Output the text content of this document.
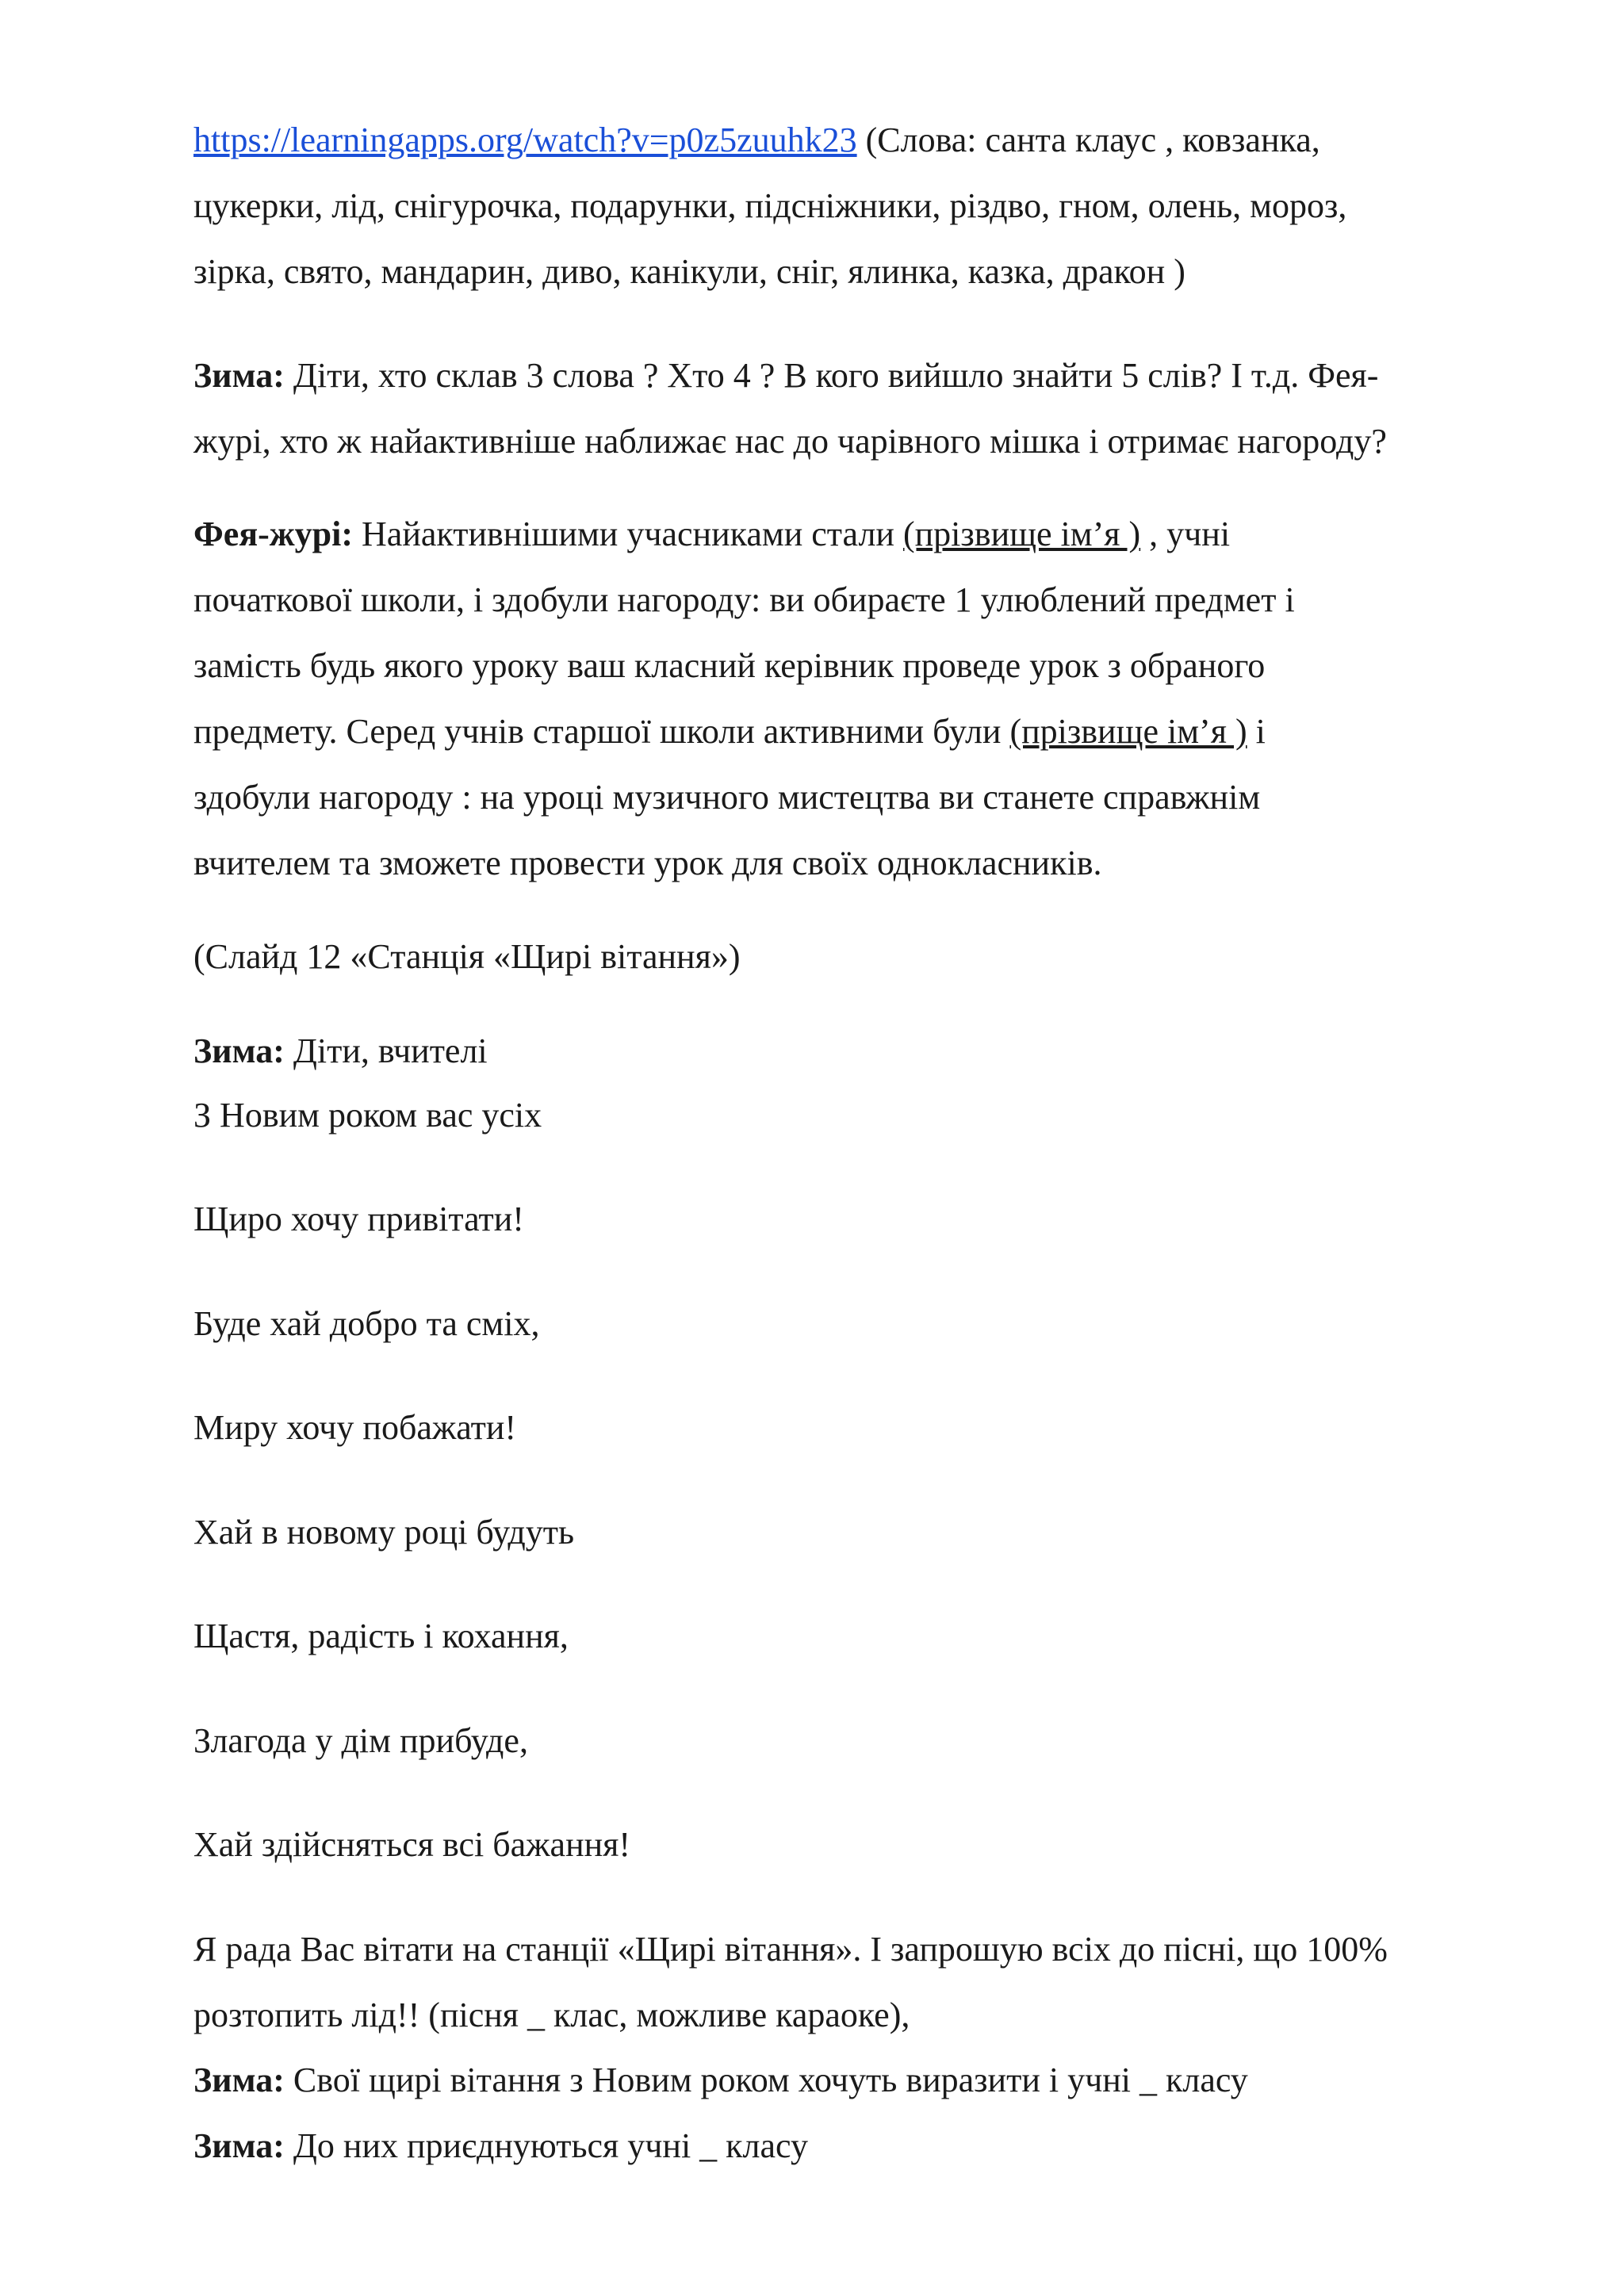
https://learningapps.org/watch?v=p0z5zuuhk23 (Слова: санта клаус , ковзанка,
цукерки, лід, снігурочка, подарунки, підсніжники, різдво, гном, олень, мороз,
зірка, свято, мандарин, диво, канікули, сніг, ялинка, казка, дракон )
Зима: Діти, хто склав 3 слова ? Хто 4 ? В кого вийшло знайти 5 слів? І т.д. Фея-
журі, хто ж найактивніше наближає нас до чарівного мішка і отримає нагороду?
Фея-журі: Найактивнішими учасниками стали (прізвище ім’я ) , учні
початкової школи, і здобули нагороду: ви обираєте 1 улюблений предмет і
замість будь якого уроку ваш класний керівник проведе урок з обраного
предмету. Серед учнів старшої школи активними були (прізвище ім’я ) і
здобули нагороду : на уроці музичного мистецтва ви станете справжнім
вчителем та зможете провести урок для своїх однокласників.
(Слайд 12 «Станція «Щирі вітання»)
Зима: Діти, вчителі
З Новим роком вас усіх
Щиро хочу привітати!
Буде хай добро та сміх,
Миру хочу побажати!
Хай в новому році будуть
Щастя, радість і кохання,
Злагода у дім прибуде,
Хай здійсняться всі бажання!
Я рада Вас вітати на станції «Щирі вітання». І запрошую всіх до пісні, що 100%
розтопить лід!! (пісня _ клас, можливе караоке),
Зима: Свої щирі вітання з Новим роком хочуть виразити і учні _ класу
Зима: До них приєднуються учні _ класу
